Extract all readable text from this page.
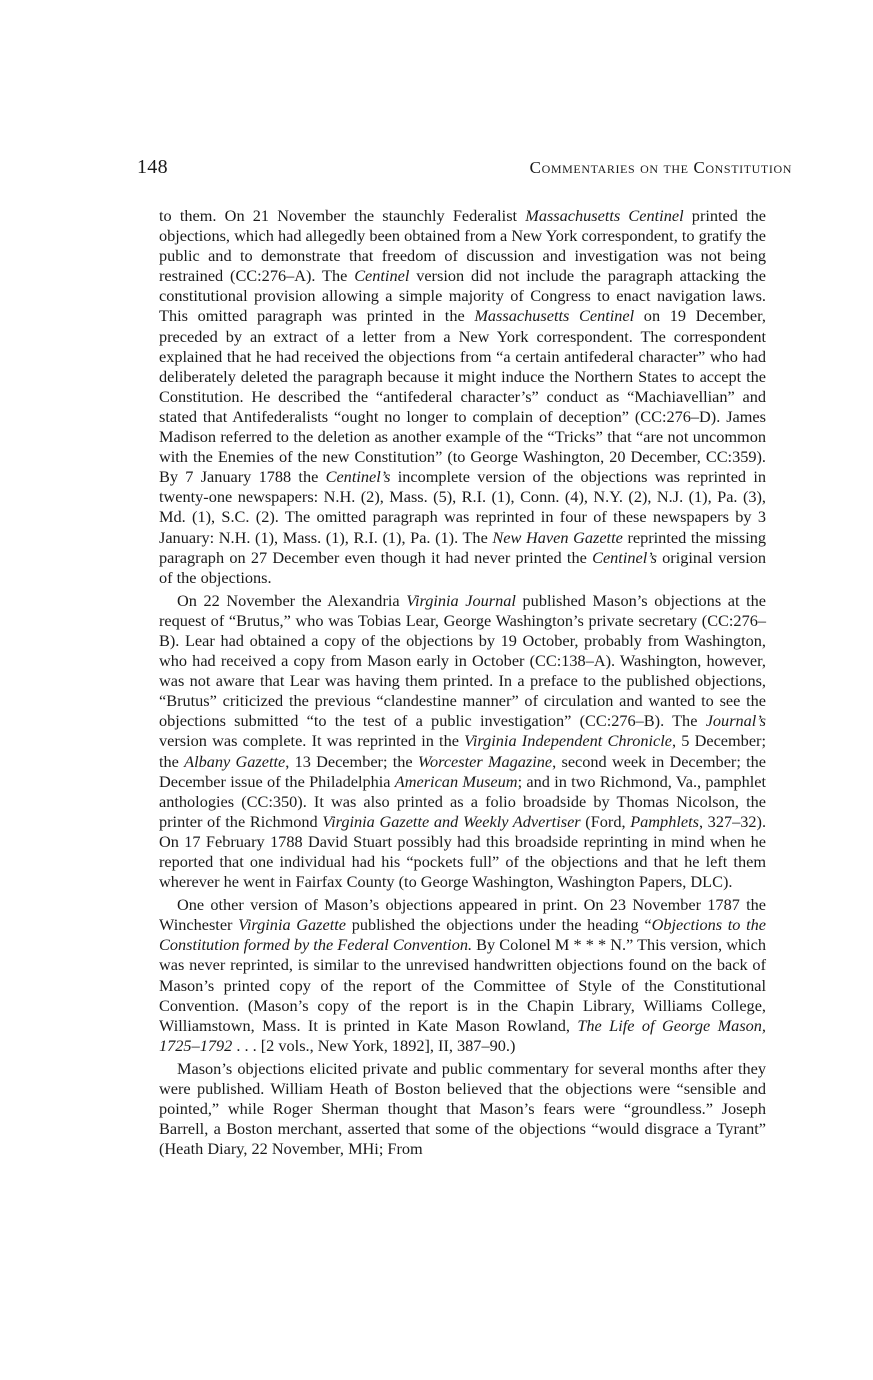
148	Commentaries on the Constitution

to them. On 21 November the staunchly Federalist Massachusetts Centinel printed the objections, which had allegedly been obtained from a New York correspondent, to gratify the public and to demonstrate that freedom of discussion and investigation was not being restrained (CC:276–A). The Centinel version did not include the paragraph attacking the constitutional provision allowing a simple majority of Congress to enact navigation laws. This omitted paragraph was printed in the Massachusetts Centinel on 19 December, preceded by an extract of a letter from a New York correspondent. The correspondent explained that he had received the objections from “a certain antifederal character” who had deliberately deleted the paragraph because it might induce the Northern States to accept the Constitution. He described the “antifederal character’s” conduct as “Machiavellian” and stated that Antifederalists “ought no longer to complain of deception” (CC:276–D). James Madison referred to the deletion as another example of the “Tricks” that “are not uncommon with the Enemies of the new Constitution” (to George Washington, 20 December, CC:359). By 7 January 1788 the Centinel’s incomplete version of the objections was reprinted in twenty-one newspapers: N.H. (2), Mass. (5), R.I. (1), Conn. (4), N.Y. (2), N.J. (1), Pa. (3), Md. (1), S.C. (2). The omitted paragraph was reprinted in four of these newspapers by 3 January: N.H. (1), Mass. (1), R.I. (1), Pa. (1). The New Haven Gazette reprinted the missing paragraph on 27 December even though it had never printed the Centinel’s original version of the objections.

On 22 November the Alexandria Virginia Journal published Mason’s objections at the request of “Brutus,” who was Tobias Lear, George Washington’s private secretary (CC:276–B). Lear had obtained a copy of the objections by 19 October, probably from Washington, who had received a copy from Mason early in October (CC:138–A). Washington, however, was not aware that Lear was having them printed. In a preface to the published objections, “Brutus” criticized the previous “clandestine manner” of circulation and wanted to see the objections submitted “to the test of a public investigation” (CC:276–B). The Journal’s version was complete. It was reprinted in the Virginia Independent Chronicle, 5 December; the Albany Gazette, 13 December; the Worcester Magazine, second week in December; the December issue of the Philadelphia American Museum; and in two Richmond, Va., pamphlet anthologies (CC:350). It was also printed as a folio broadside by Thomas Nicolson, the printer of the Richmond Virginia Gazette and Weekly Advertiser (Ford, Pamphlets, 327–32). On 17 February 1788 David Stuart possibly had this broadside reprinting in mind when he reported that one individual had his “pockets full” of the objections and that he left them wherever he went in Fairfax County (to George Washington, Washington Papers, DLC).

One other version of Mason’s objections appeared in print. On 23 November 1787 the Winchester Virginia Gazette published the objections under the heading “Objections to the Constitution formed by the Federal Convention. By Colonel M * * * N.” This version, which was never reprinted, is similar to the unrevised handwritten objections found on the back of Mason’s printed copy of the report of the Committee of Style of the Constitutional Convention. (Mason’s copy of the report is in the Chapin Library, Williams College, Williamstown, Mass. It is printed in Kate Mason Rowland, The Life of George Mason, 1725–1792 . . . [2 vols., New York, 1892], II, 387–90.)

Mason’s objections elicited private and public commentary for several months after they were published. William Heath of Boston believed that the objections were “sensible and pointed,” while Roger Sherman thought that Mason’s fears were “groundless.” Joseph Barrell, a Boston merchant, asserted that some of the objections “would disgrace a Tyrant” (Heath Diary, 22 November, MHi; From
